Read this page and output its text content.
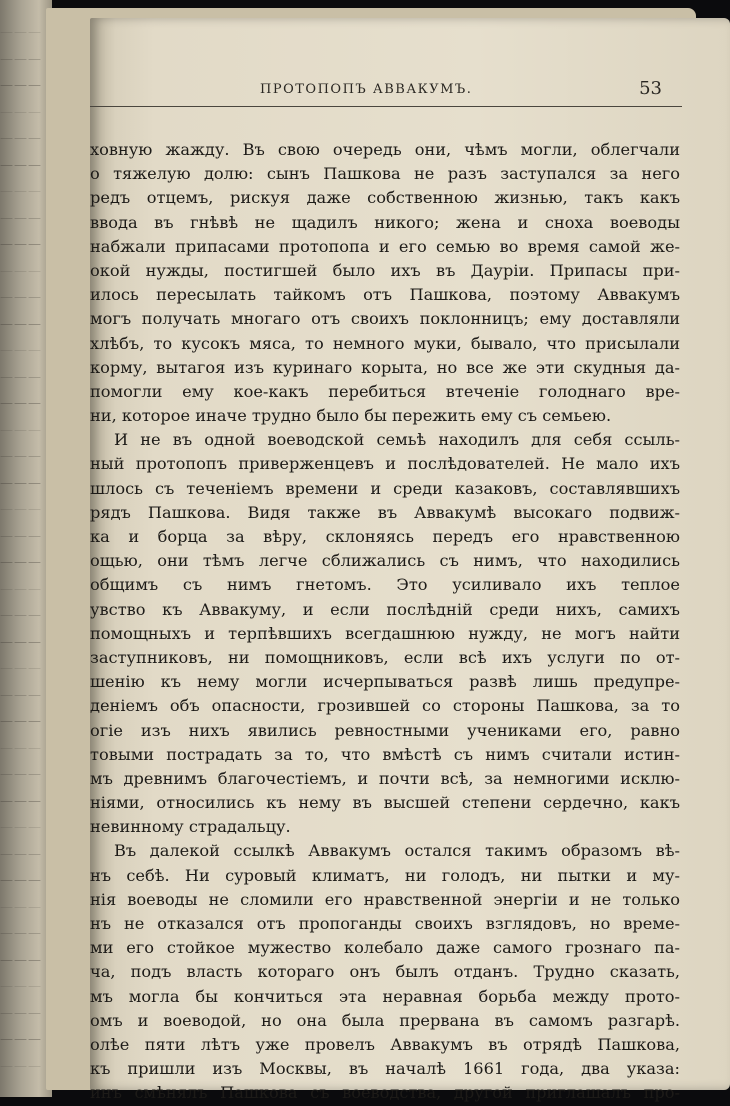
———
———
———
———
———
———
———
———
———
———
———
———
———
———
———
———
———
———
———
———
———
———
———
———
———
———
———
———
———
———
———
———
———
———
———
———
———
———
———
———
ПРОТОПОПЪ АВВАКУМЪ.	53
ховную жажду. Въ свою очередь они, чѣмъ могли, облегчали
о тяжелую долю: сынъ Пашкова не разъ заступался за него
редъ отцемъ, рискуя даже собственною жизнью, такъ какъ
ввода въ гнѣвѣ не щадилъ никого; жена и сноха воеводы
набжали припасами протопопа и его семью во время самой же-
окой нужды, постигшей было ихъ въ Дауріи. Припасы при-
илось пересылать тайкомъ отъ Пашкова, поэтому Аввакумъ
могъ получать многаго отъ своихъ поклонницъ; ему доставляли
хлѣбъ, то кусокъ мяса, то немного муки, бывало, что присылали
корму, вытагоя изъ куринаго корыта, но все же эти скудныя да-
помогли ему кое-какъ перебиться втеченіе голоднаго вре-
ни, которое иначе трудно было бы пережить ему съ семьею.
И не въ одной воеводской семьѣ находилъ для себя ссыль-
ный протопопъ приверженцевъ и послѣдователей. Не мало ихъ
шлось съ теченіемъ времени и среди казаковъ, составлявшихъ
рядъ Пашкова. Видя также въ Аввакумѣ высокаго подвиж-
ка и борца за вѣру, склоняясь передъ его нравственною
ощью, они тѣмъ легче сближались съ нимъ, что находились
общимъ съ нимъ гнетомъ. Это усиливало ихъ теплое
увство къ Аввакуму, и если послѣдній среди нихъ, самихъ
помощныхъ и терпѣвшихъ всегдашнюю нужду, не могъ найти
заступниковъ, ни помощниковъ, если всѣ ихъ услуги по от-
шенію къ нему могли исчерпываться развѣ лишь предупре-
деніемъ объ опасности, грозившей со стороны Пашкова, за то
огіе изъ нихъ явились ревностными учениками его, равно
товыми пострадать за то, что вмѣстѣ съ нимъ считали истин-
мъ древнимъ благочестіемъ, и почти всѣ, за немногими исклю-
ніями, относились къ нему въ высшей степени сердечно, какъ
невинному страдальцу.
Въ далекой ссылкѣ Аввакумъ остался такимъ образомъ вѣ-
нъ себѣ. Ни суровый климатъ, ни голодъ, ни пытки и му-
нія воеводы не сломили его нравственной энергіи и не только
нъ не отказался отъ пропоганды своихъ взглядовъ, но време-
ми его стойкое мужество колебало даже самого грознаго па-
ча, подъ власть котораго онъ былъ отданъ. Трудно сказать,
мъ могла бы кончиться эта неравная борьба между прото-
омъ и воеводой, но она была прервана въ самомъ разгарѣ.
олѣе пяти лѣтъ уже провелъ Аввакумъ въ отрядѣ Пашкова,
къ пришли изъ Москвы, въ началѣ 1661 года, два указа:
инъ смѣнялъ Пашкова съ воеводства, другой приглашалъ про-
